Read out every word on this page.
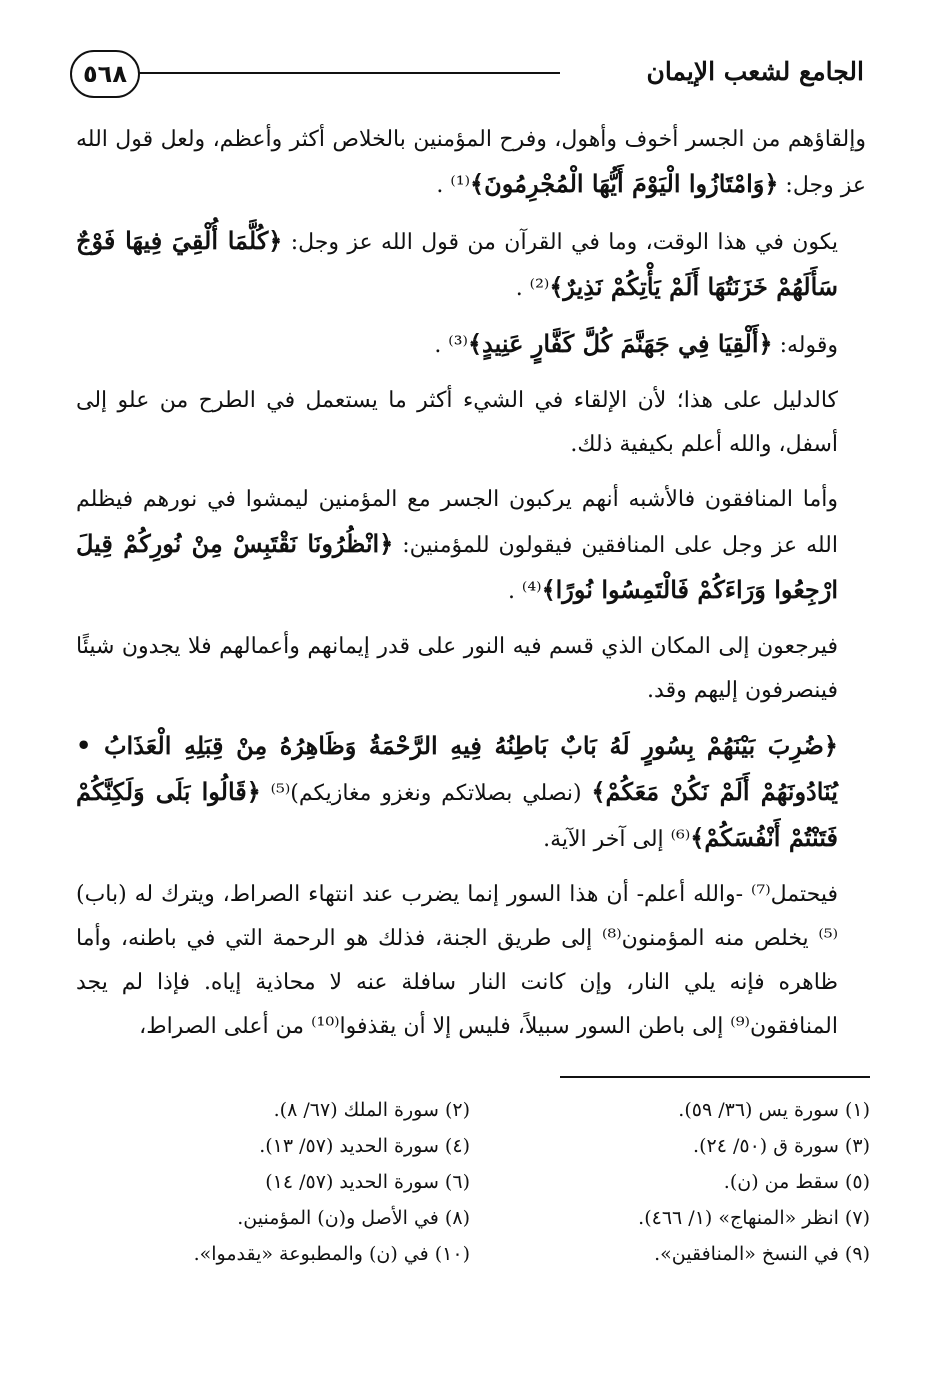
٥٦٨	الجامع لشعب الإيمان

وإلقاؤهم من الجسر أخوف وأهول، وفرح المؤمنين بالخلاص أكثر وأعظم، ولعل قول الله عز وجل: ﴿وَامْتَازُوا الْيَوْمَ أَيُّهَا الْمُجْرِمُونَ﴾⁽¹⁾ .

يكون في هذا الوقت، وما في القرآن من قول الله عز وجل: ﴿كُلَّمَا أُلْقِيَ فِيهَا فَوْجٌ سَأَلَهُمْ خَزَنَتُهَا أَلَمْ يَأْتِكُمْ نَذِيرٌ﴾⁽²⁾ .

وقوله: ﴿أَلْقِيَا فِي جَهَنَّمَ كُلَّ كَفَّارٍ عَنِيدٍ﴾⁽³⁾ .

كالدليل على هذا؛ لأن الإلقاء في الشيء أكثر ما يستعمل في الطرح من علو إلى أسفل، والله أعلم بكيفية ذلك.

وأما المنافقون فالأشبه أنهم يركبون الجسر مع المؤمنين ليمشوا في نورهم فيظلم الله عز وجل على المنافقين فيقولون للمؤمنين: ﴿انْظُرُونَا نَقْتَبِسْ مِنْ نُورِكُمْ قِيلَ ارْجِعُوا وَرَاءَكُمْ فَالْتَمِسُوا نُورًا﴾⁽⁴⁾ .

فيرجعون إلى المكان الذي قسم فيه النور على قدر إيمانهم وأعمالهم فلا يجدون شيئًا فينصرفون إليهم وقد.

﴿ضُرِبَ بَيْنَهُمْ بِسُورٍ لَهُ بَابٌ بَاطِنُهُ فِيهِ الرَّحْمَةُ وَظَاهِرُهُ مِنْ قِبَلِهِ الْعَذَابُ • يُنَادُونَهُمْ أَلَمْ نَكُنْ مَعَكُمْ﴾ (نصلي بصلاتكم ونغزو مغازيكم)⁽⁵⁾ ﴿قَالُوا بَلَى وَلَكِنَّكُمْ فَتَنْتُمْ أَنْفُسَكُمْ﴾⁽⁶⁾ إلى آخر الآية.

فيحتمل⁽⁷⁾ -والله أعلم- أن هذا السور إنما يضرب عند انتهاء الصراط، ويترك له (باب)⁽⁵⁾ يخلص منه المؤمنون⁽⁸⁾ إلى طريق الجنة، فذلك هو الرحمة التي في باطنه، وأما ظاهره فإنه يلي النار، وإن كانت النار سافلة عنه لا محاذية إياه. فإذا لم يجد المنافقون⁽⁹⁾ إلى باطن السور سبيلاً، فليس إلا أن يقذفوا⁽¹⁰⁾ من أعلى الصراط،

(١) سورة يس (٣٦/ ٥٩).
(٢) سورة الملك (٦٧/ ٨).
(٣) سورة ق (٥٠/ ٢٤).
(٤) سورة الحديد (٥٧/ ١٣).
(٥) سقط من (ن).
(٦) سورة الحديد (٥٧/ ١٤)
(٧) انظر «المنهاج» (١/ ٤٦٦).
(٨) في الأصل و(ن) المؤمنين.
(٩) في النسخ «المنافقين».
(١٠) في (ن) والمطبوعة «يقدموا».
